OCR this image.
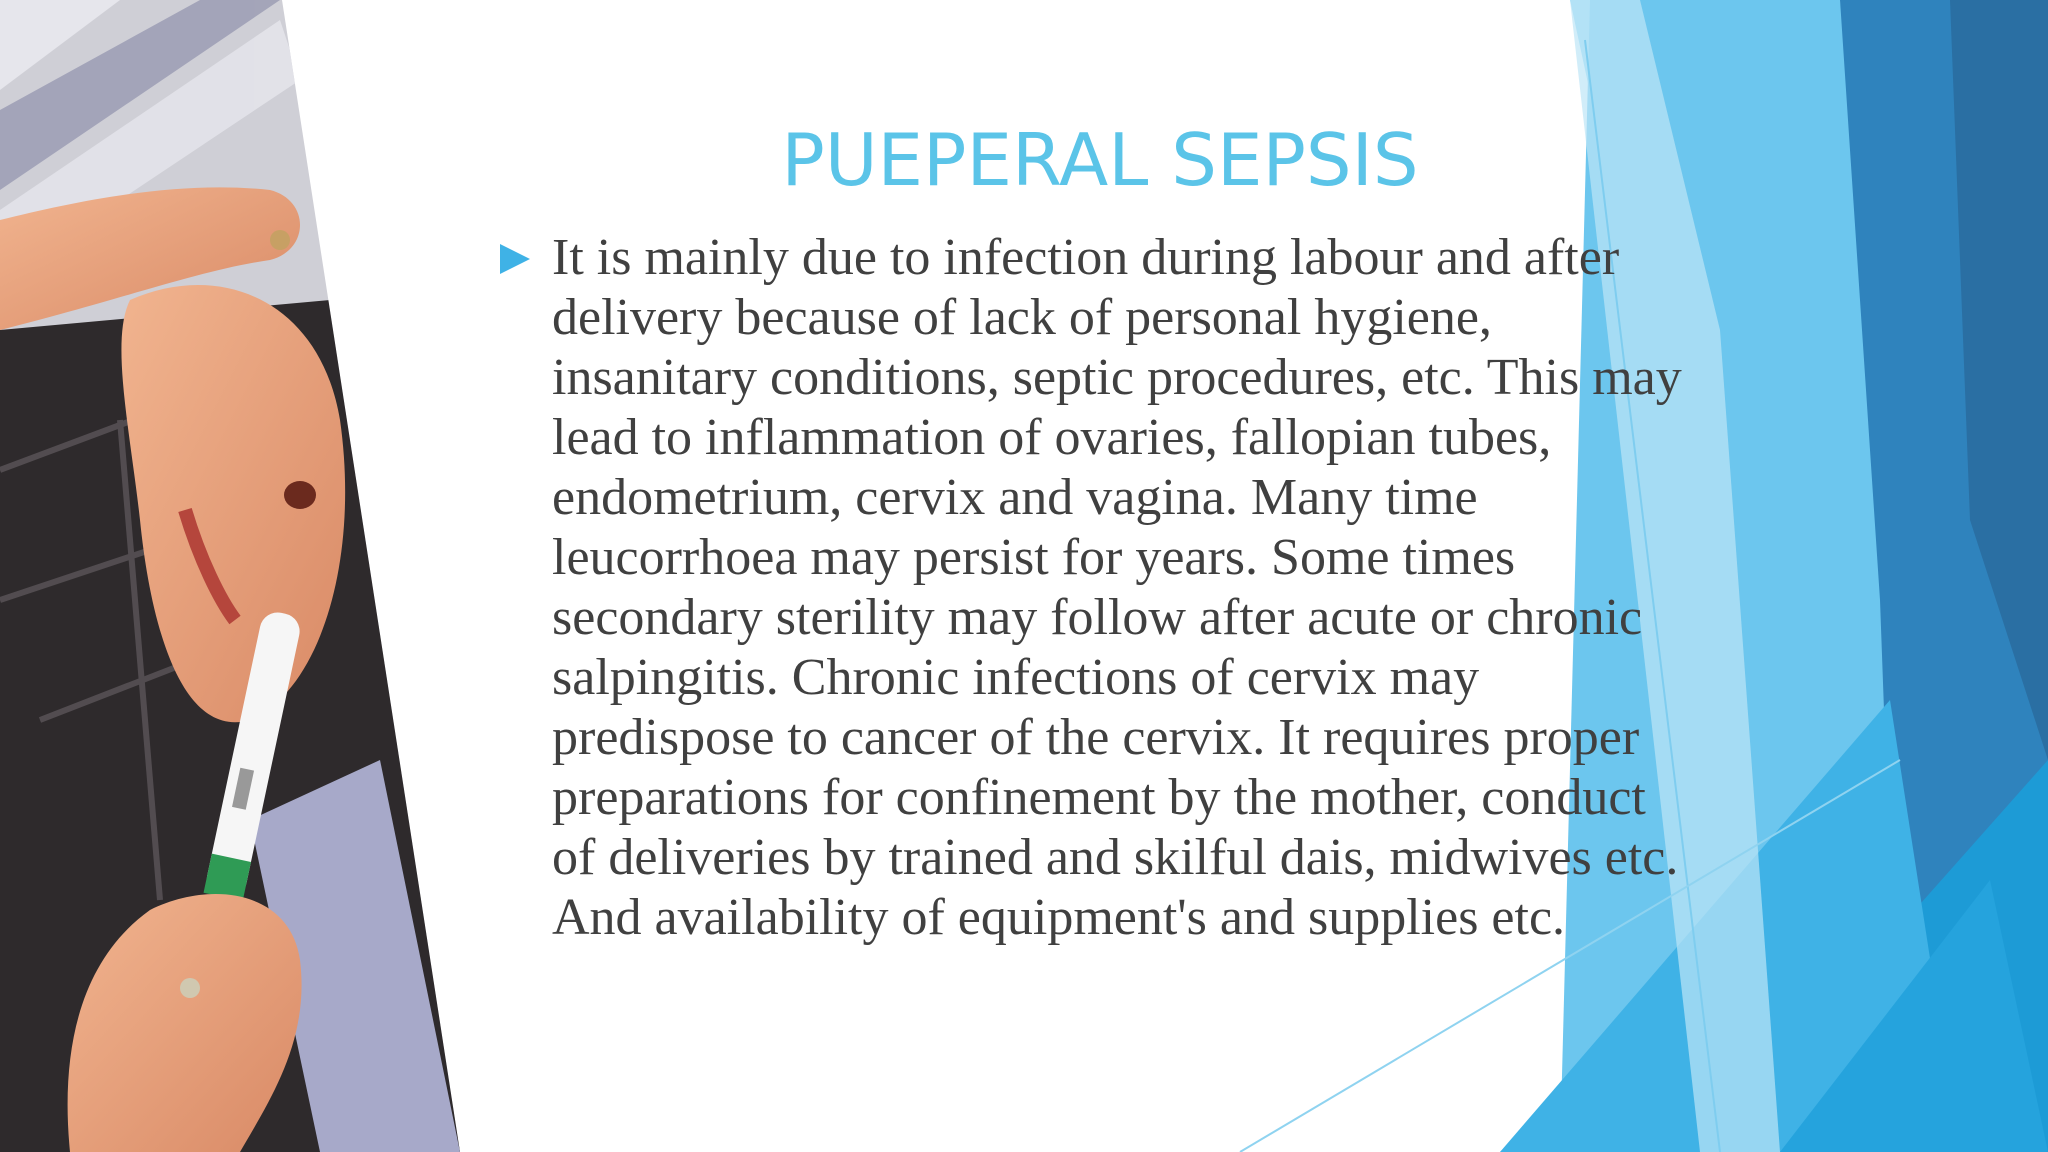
PUEPERAL SEPSIS

It is mainly due to infection during labour and after
delivery because of lack of personal hygiene,
insanitary conditions, septic procedures, etc. This may
lead to inflammation of ovaries, fallopian tubes,
endometrium, cervix and vagina. Many time
leucorrhoea may persist for years. Some times
secondary sterility may follow after acute or chronic
salpingitis. Chronic infections of cervix may
predispose to cancer of the cervix. It requires proper
preparations for confinement by the mother, conduct
of deliveries by trained and skilful dais, midwives etc.
And availability of equipment's and supplies etc.
